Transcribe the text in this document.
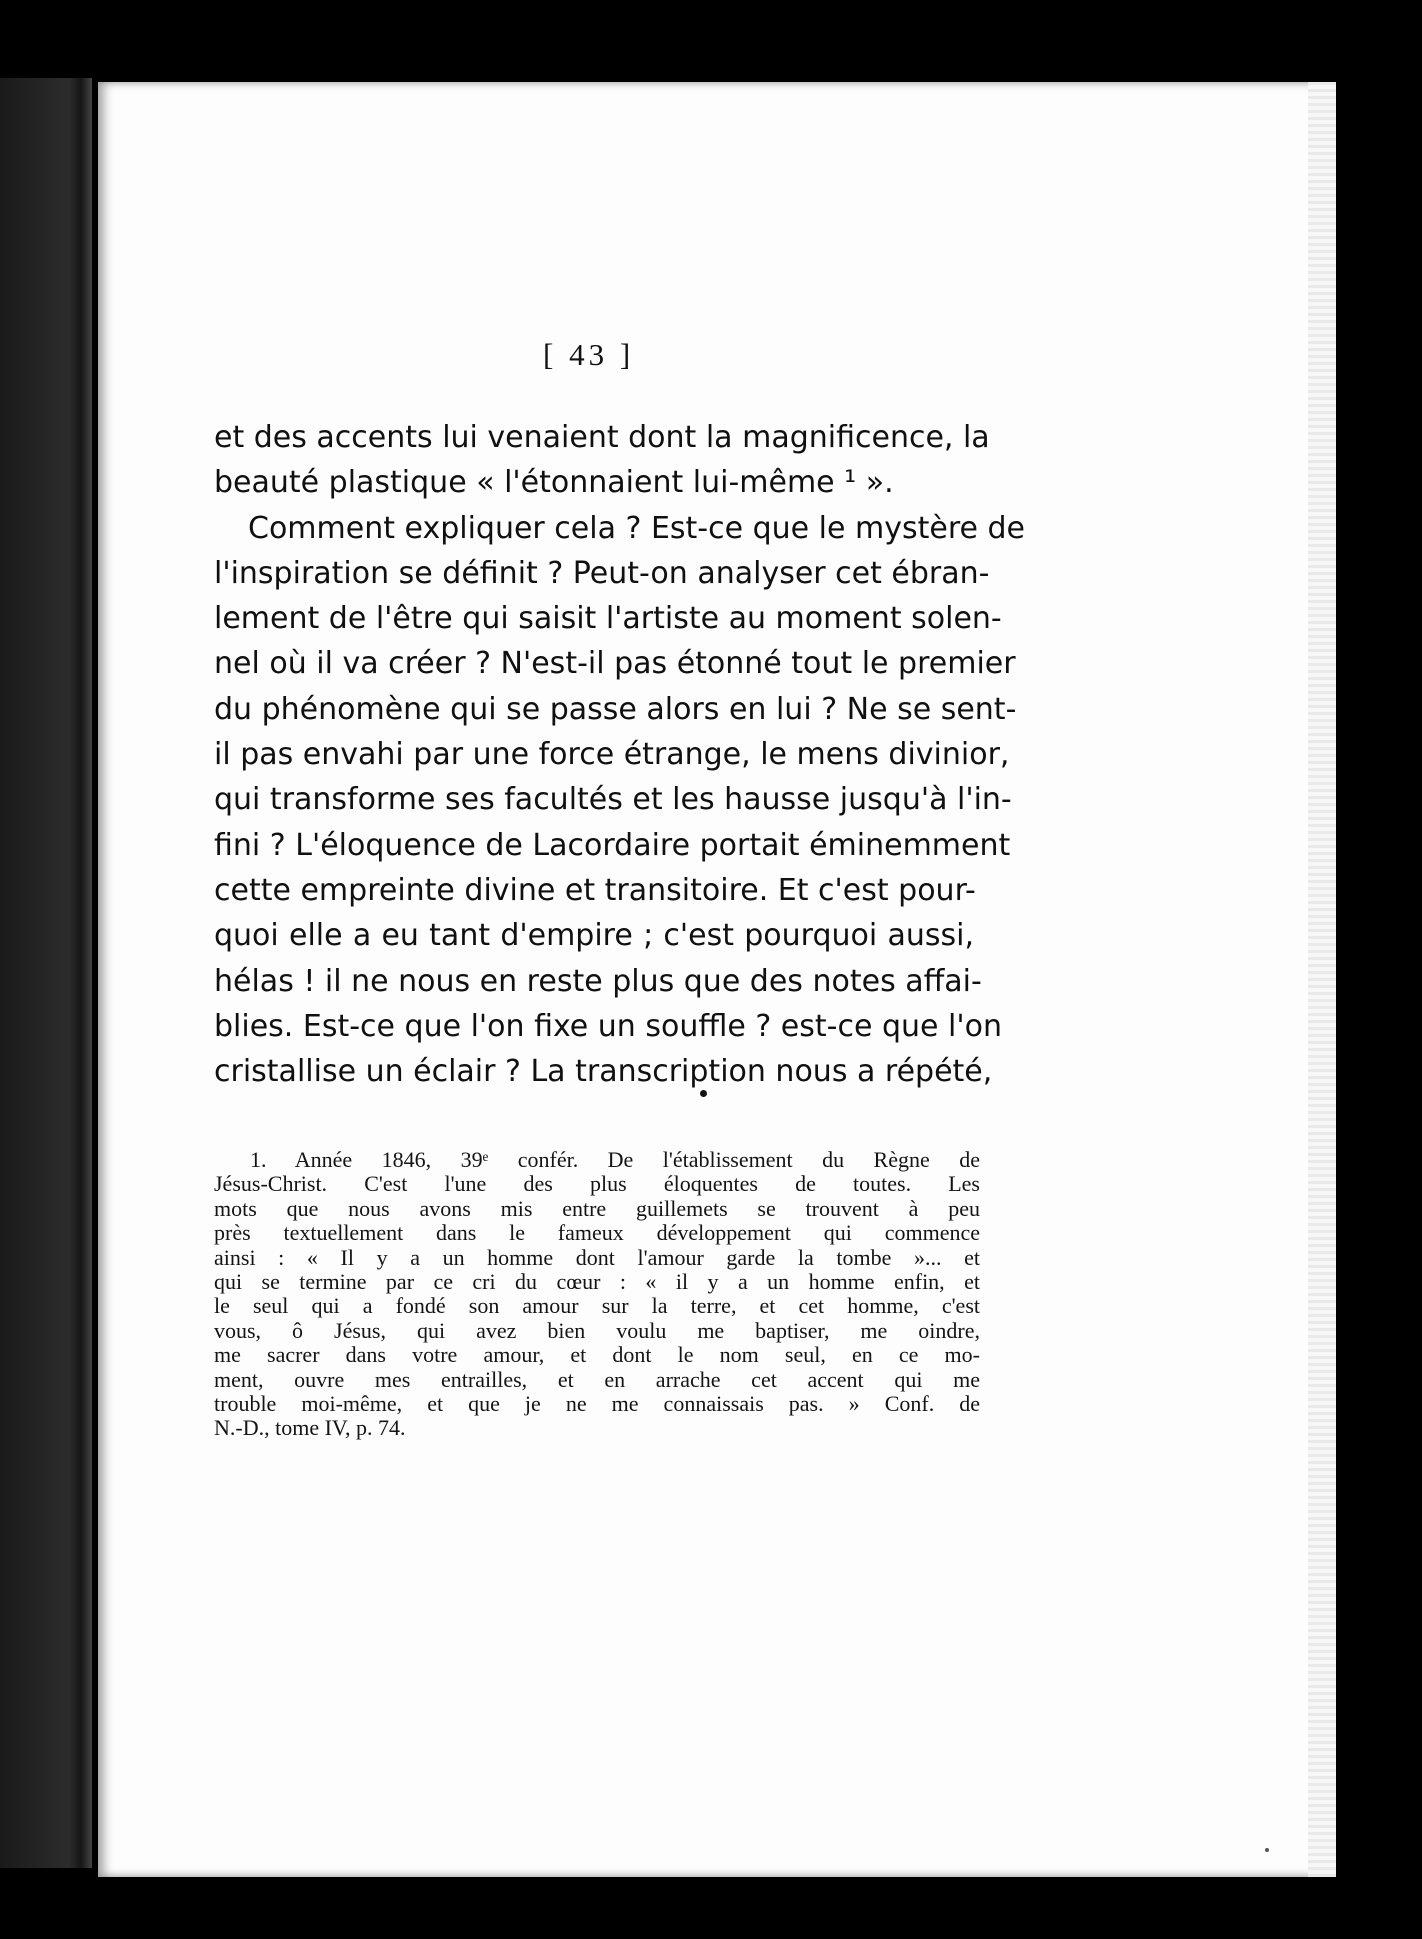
[ 43 ]
et des accents lui venaient dont la magnificence, la
beauté plastique « l'étonnaient lui-même ¹ ».
Comment expliquer cela ? Est-ce que le mystère de
l'inspiration se définit ? Peut-on analyser cet ébran-
lement de l'être qui saisit l'artiste au moment solen-
nel où il va créer ? N'est-il pas étonné tout le premier
du phénomène qui se passe alors en lui ? Ne se sent-
il pas envahi par une force étrange, le mens divinior,
qui transforme ses facultés et les hausse jusqu'à l'in-
fini ? L'éloquence de Lacordaire portait éminemment
cette empreinte divine et transitoire. Et c'est pour-
quoi elle a eu tant d'empire ; c'est pourquoi aussi,
hélas ! il ne nous en reste plus que des notes affai-
blies. Est-ce que l'on fixe un souffle ? est-ce que l'on
cristallise un éclair ? La transcription nous a répété,
1. Année 1846, 39ᵉ confér. De l'établissement du Règne de
Jésus-Christ. C'est l'une des plus éloquentes de toutes. Les
mots que nous avons mis entre guillemets se trouvent à peu
près textuellement dans le fameux développement qui commence
ainsi : « Il y a un homme dont l'amour garde la tombe »... et
qui se termine par ce cri du cœur : « il y a un homme enfin, et
le seul qui a fondé son amour sur la terre, et cet homme, c'est
vous, ô Jésus, qui avez bien voulu me baptiser, me oindre,
me sacrer dans votre amour, et dont le nom seul, en ce mo-
ment, ouvre mes entrailles, et en arrache cet accent qui me
trouble moi-même, et que je ne me connaissais pas. » Conf. de
N.-D., tome IV, p. 74.
